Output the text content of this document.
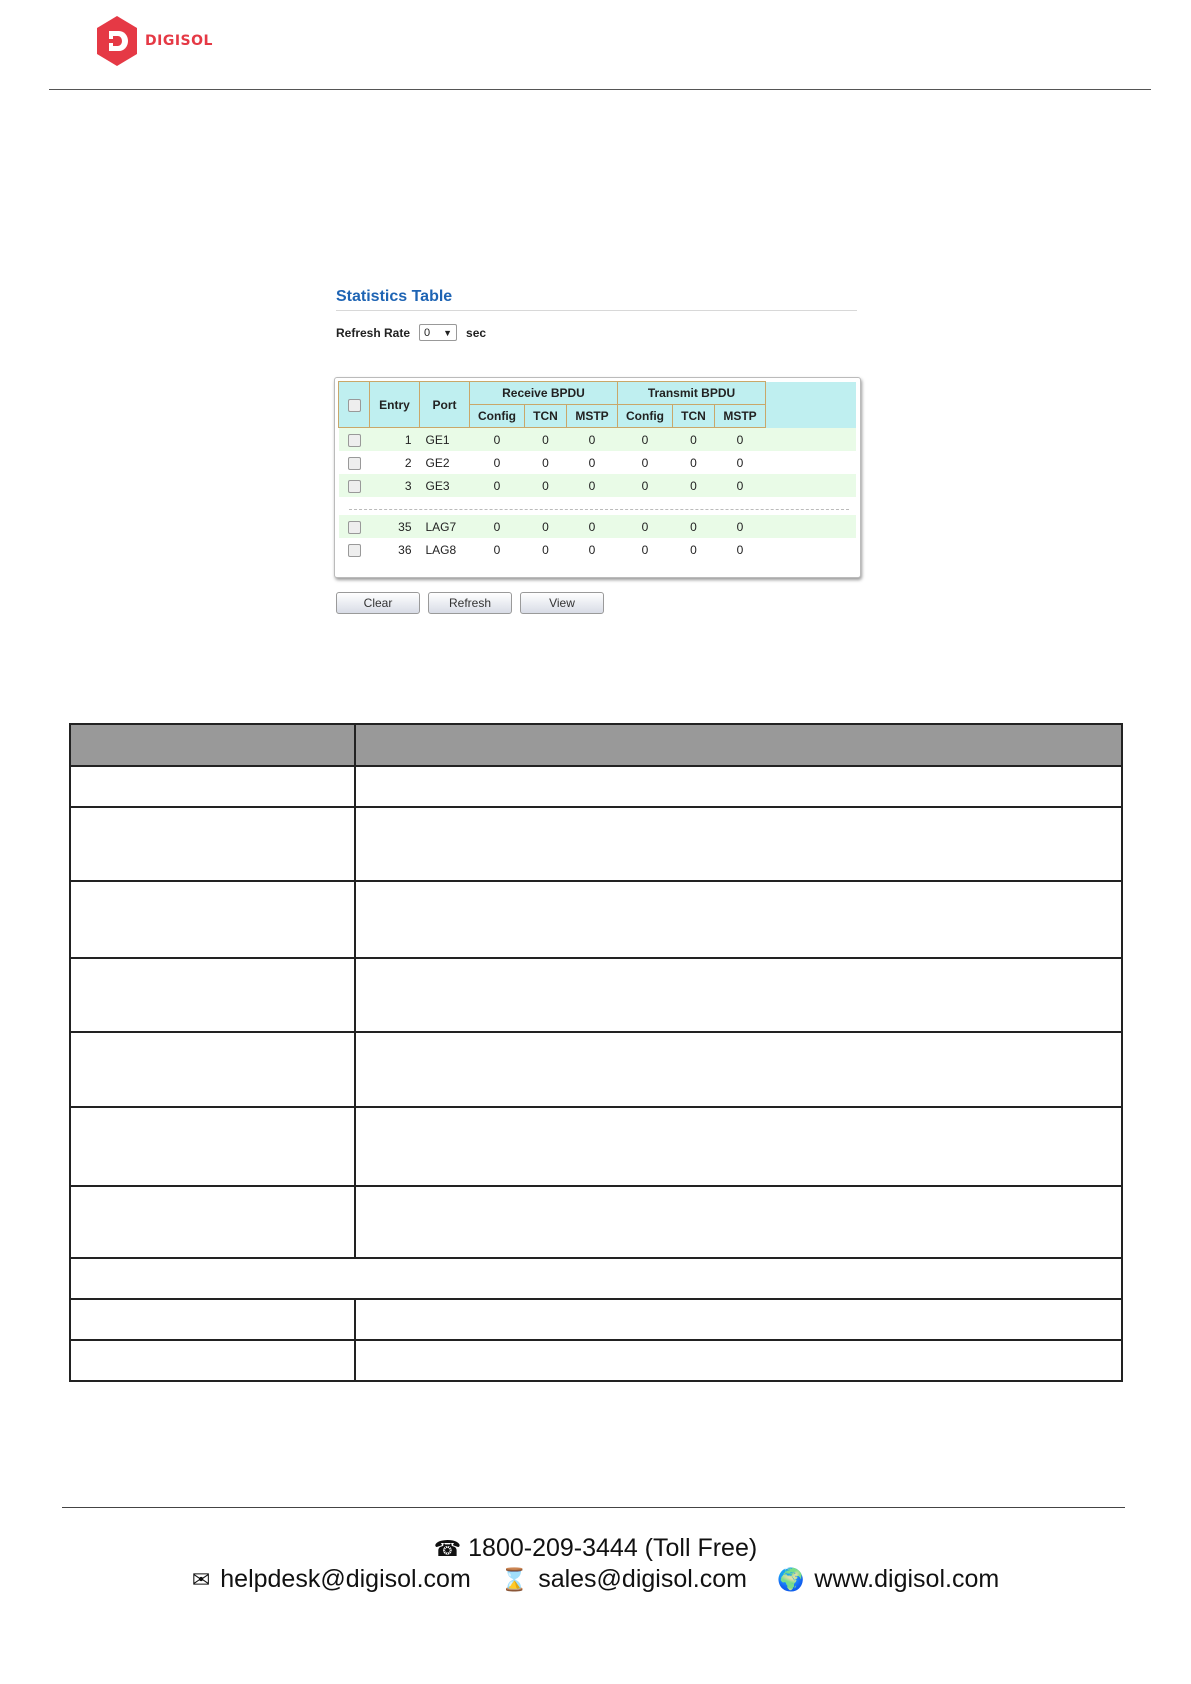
DIGISOL
Statistics Table
Refresh Rate 0 ▼ sec
	Entry	Port	Receive BPDU			Transmit BPDU			
			Config	TCN	MSTP	Config	TCN	MSTP	
	1	GE1	0	0	0	0	0	0	
	2	GE2	0	0	0	0	0	0	
	3	GE3	0	0	0	0	0	0	

	35	LAG7	0	0	0	0	0	0	
	36	LAG8	0	0	0	0	0	0	
Clear	Refresh	View

☎ 1800-209-3444 (Toll Free)
✉ helpdesk@digisol.com ⌛ sales@digisol.com 🌍 www.digisol.com
